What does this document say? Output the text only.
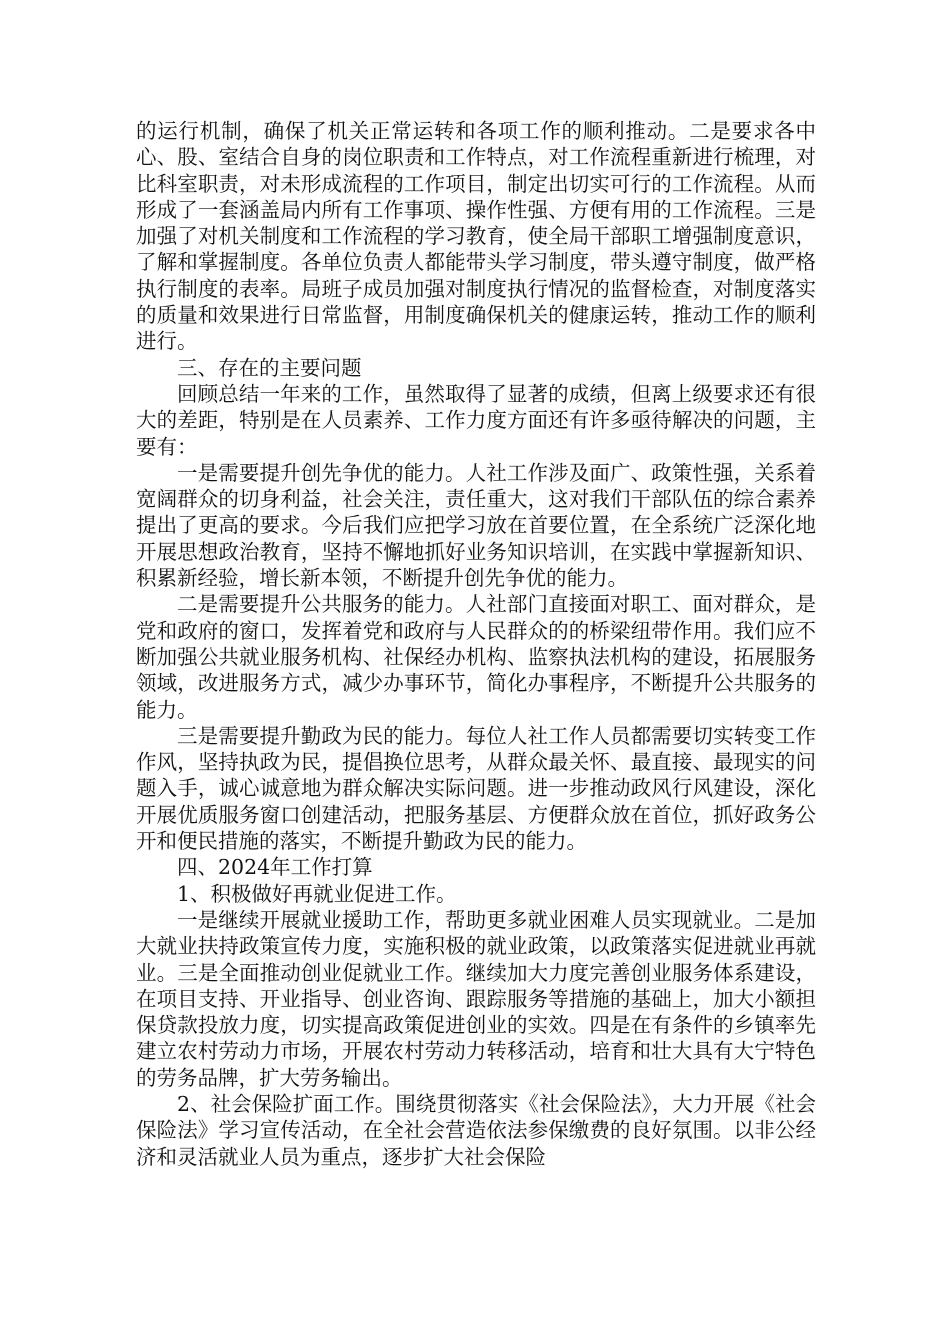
的运行机制，确保了机关正常运转和各项工作的顺利推动。二是要求各中心、股、室结合自身的岗位职责和工作特点，对工作流程重新进行梳理，对比科室职责，对未形成流程的工作项目，制定出切实可行的工作流程。从而形成了一套涵盖局内所有工作事项、操作性强、方便有用的工作流程。三是加强了对机关制度和工作流程的学习教育，使全局干部职工增强制度意识，了解和掌握制度。各单位负责人都能带头学习制度，带头遵守制度，做严格执行制度的表率。局班子成员加强对制度执行情况的监督检查，对制度落实的质量和效果进行日常监督，用制度确保机关的健康运转，推动工作的顺利进行。

三、存在的主要问题

回顾总结一年来的工作，虽然取得了显著的成绩，但离上级要求还有很大的差距，特别是在人员素养、工作力度方面还有许多亟待解决的问题，主要有：

一是需要提升创先争优的能力。人社工作涉及面广、政策性强，关系着宽阔群众的切身利益，社会关注，责任重大，这对我们干部队伍的综合素养提出了更高的要求。今后我们应把学习放在首要位置，在全系统广泛深化地开展思想政治教育，坚持不懈地抓好业务知识培训，在实践中掌握新知识、积累新经验，增长新本领，不断提升创先争优的能力。

二是需要提升公共服务的能力。人社部门直接面对职工、面对群众，是党和政府的窗口，发挥着党和政府与人民群众的的桥梁纽带作用。我们应不断加强公共就业服务机构、社保经办机构、监察执法机构的建设，拓展服务领域，改进服务方式，减少办事环节，简化办事程序，不断提升公共服务的能力。

三是需要提升勤政为民的能力。每位人社工作人员都需要切实转变工作作风，坚持执政为民，提倡换位思考，从群众最关怀、最直接、最现实的问题入手，诚心诚意地为群众解决实际问题。进一步推动政风行风建设，深化开展优质服务窗口创建活动，把服务基层、方便群众放在首位，抓好政务公开和便民措施的落实，不断提升勤政为民的能力。

四、2024年工作打算

1、积极做好再就业促进工作。

一是继续开展就业援助工作，帮助更多就业困难人员实现就业。二是加大就业扶持政策宣传力度，实施积极的就业政策，以政策落实促进就业再就业。三是全面推动创业促就业工作。继续加大力度完善创业服务体系建设，在项目支持、开业指导、创业咨询、跟踪服务等措施的基础上，加大小额担保贷款投放力度，切实提高政策促进创业的实效。四是在有条件的乡镇率先建立农村劳动力市场，开展农村劳动力转移活动，培育和壮大具有大宁特色的劳务品牌，扩大劳务输出。

2、社会保险扩面工作。围绕贯彻落实《社会保险法》，大力开展《社会保险法》学习宣传活动，在全社会营造依法参保缴费的良好氛围。以非公经济和灵活就业人员为重点，逐步扩大社会保险
